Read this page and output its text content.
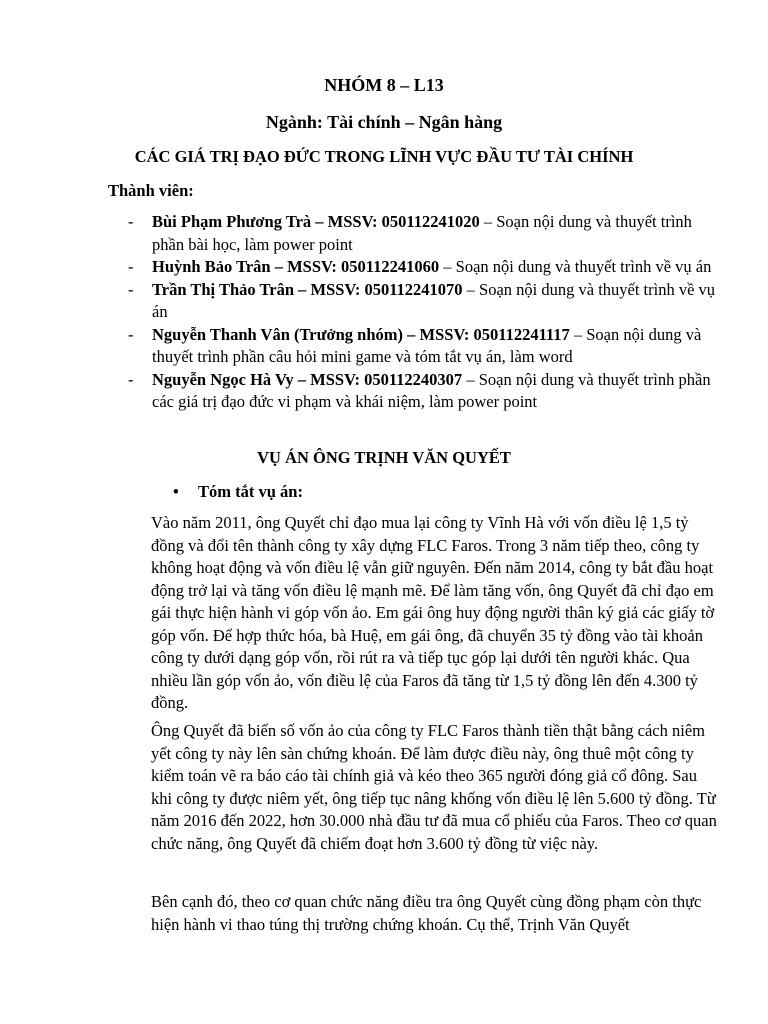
NHÓM 8 – L13
Ngành: Tài chính – Ngân hàng
CÁC GIÁ TRỊ ĐẠO ĐỨC TRONG LĨNH VỰC ĐẦU TƯ TÀI CHÍNH
Thành viên:
- Bùi Phạm Phương Trà – MSSV: 050112241020 – Soạn nội dung và thuyết trình phần bài học, làm power point
- Huỳnh Bảo Trân – MSSV: 050112241060 – Soạn nội dung và thuyết trình về vụ án
- Trần Thị Thảo Trân – MSSV: 050112241070 – Soạn nội dung và thuyết trình về vụ án
- Nguyễn Thanh Vân (Trưởng nhóm) – MSSV: 050112241117 – Soạn nội dung và thuyết trình phần câu hỏi mini game và tóm tắt vụ án, làm word
- Nguyễn Ngọc Hà Vy – MSSV: 050112240307 – Soạn nội dung và thuyết trình phần các giá trị đạo đức vi phạm và khái niệm, làm power point
VỤ ÁN ÔNG TRỊNH VĂN QUYẾT
• Tóm tắt vụ án:

Vào năm 2011, ông Quyết chỉ đạo mua lại công ty Vĩnh Hà với vốn điều lệ 1,5 tỷ đồng và đổi tên thành công ty xây dựng FLC Faros. Trong 3 năm tiếp theo, công ty không hoạt động và vốn điều lệ vẫn giữ nguyên. Đến năm 2014, công ty bắt đầu hoạt động trở lại và tăng vốn điều lệ mạnh mẽ. Để làm tăng vốn, ông Quyết đã chỉ đạo em gái thực hiện hành vi góp vốn ảo. Em gái ông huy động người thân ký giả các giấy tờ góp vốn. Để hợp thức hóa, bà Huệ, em gái ông, đã chuyển 35 tỷ đồng vào tài khoản công ty dưới dạng góp vốn, rồi rút ra và tiếp tục góp lại dưới tên người khác. Qua nhiều lần góp vốn ảo, vốn điều lệ của Faros đã tăng từ 1,5 tỷ đồng lên đến 4.300 tỷ đồng.

Ông Quyết đã biến số vốn ảo của công ty FLC Faros thành tiền thật bằng cách niêm yết công ty này lên sàn chứng khoán. Để làm được điều này, ông thuê một công ty kiểm toán vẽ ra báo cáo tài chính giả và kéo theo 365 người đóng giả cổ đông. Sau khi công ty được niêm yết, ông tiếp tục nâng khống vốn điều lệ lên 5.600 tỷ đồng. Từ năm 2016 đến 2022, hơn 30.000 nhà đầu tư đã mua cổ phiếu của Faros. Theo cơ quan chức năng, ông Quyết đã chiếm đoạt hơn 3.600 tỷ đồng từ việc này.

Bên cạnh đó, theo cơ quan chức năng điều tra ông Quyết cùng đồng phạm còn thực hiện hành vi thao túng thị trường chứng khoán. Cụ thể, Trịnh Văn Quyết
